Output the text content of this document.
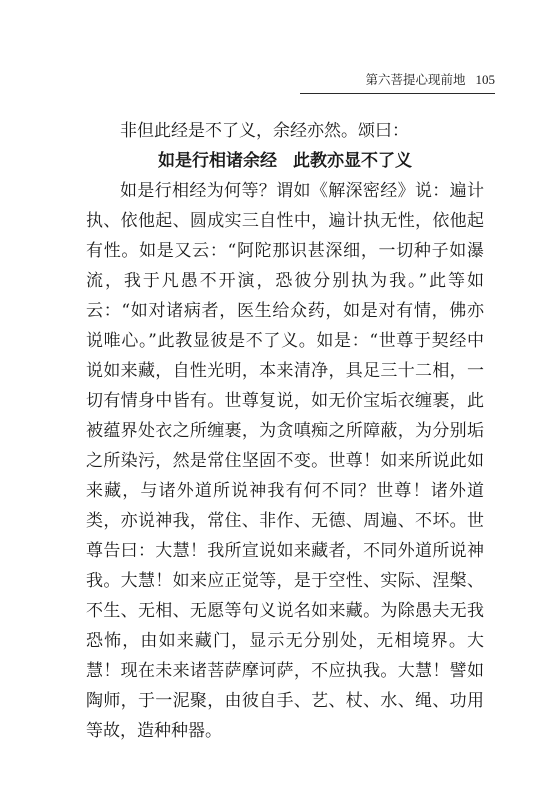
第六菩提心现前地 105

非但此经是不了义，余经亦然。颂曰：

如是行相诸余经 此教亦显不了义

如是行相经为何等？谓如《解深密经》说：遍计执、依他起、圆成实三自性中，遍计执无性，依他起有性。如是又云：“阿陀那识甚深细，一切种子如瀑流，我于凡愚不开演，恐彼分别执为我。”此等如云：“如对诸病者，医生给众药，如是对有情，佛亦说唯心。”此教显彼是不了义。如是：“世尊于契经中说如来藏，自性光明，本来清净，具足三十二相，一切有情身中皆有。世尊复说，如无价宝垢衣缠裹，此被蕴界处衣之所缠裹，为贪嗔痴之所障蔽，为分别垢之所染污，然是常住坚固不变。世尊！如来所说此如来藏，与诸外道所说神我有何不同？世尊！诸外道类，亦说神我，常住、非作、无德、周遍、不坏。世尊告曰：大慧！我所宣说如来藏者，不同外道所说神我。大慧！如来应正觉等，是于空性、实际、涅槃、不生、无相、无愿等句义说名如来藏。为除愚夫无我恐怖，由如来藏门，显示无分别处，无相境界。大慧！现在未来诸菩萨摩诃萨，不应执我。大慧！譬如陶师，于一泥聚，由彼自手、艺、杖、水、绳、功用等故，造种种器。
